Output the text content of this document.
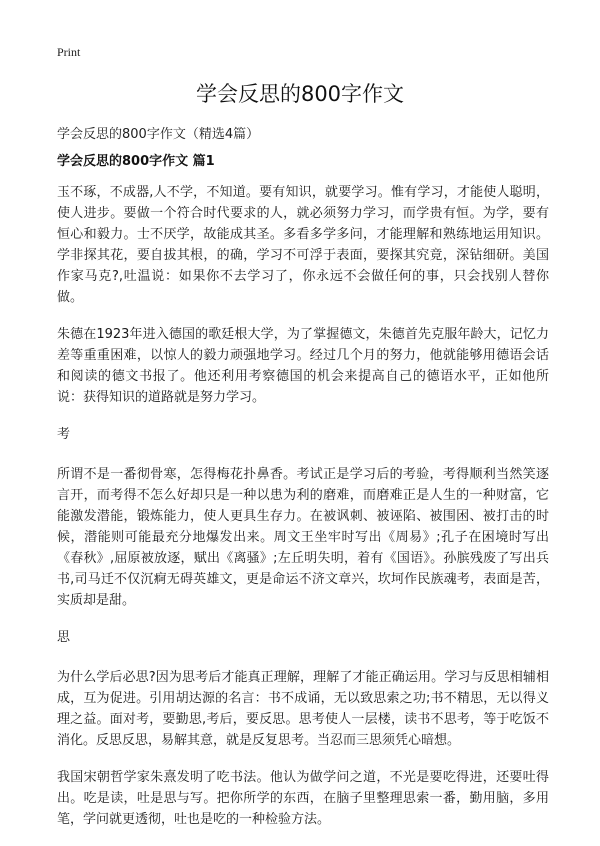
Print
学会反思的800字作文
学会反思的800字作文（精选4篇）
学会反思的800字作文 篇1

玉不琢，不成器,人不学，不知道。要有知识，就要学习。惟有学习，才能使人聪明，使人进步。要做一个符合时代要求的人，就必须努力学习，而学贵有恒。为学，要有恒心和毅力。士不厌学，故能成其圣。多看多学多问，才能理解和熟练地运用知识。学非探其花，要自拔其根，的确，学习不可浮于表面，要探其究竟，深钻细研。美国作家马克?,吐温说：如果你不去学习了，你永远不会做任何的事，只会找别人替你做。

朱德在1923年进入德国的歌廷根大学，为了掌握德文，朱德首先克服年龄大，记忆力差等重重困难，以惊人的毅力顽强地学习。经过几个月的努力，他就能够用德语会话和阅读的德文书报了。他还利用考察德国的机会来提高自己的德语水平，正如他所说：获得知识的道路就是努力学习。

考

所谓不是一番彻骨寒，怎得梅花扑鼻香。考试正是学习后的考验，考得顺利当然笑逐言开，而考得不怎么好却只是一种以患为利的磨难，而磨难正是人生的一种财富，它能激发潜能，锻炼能力，使人更具生存力。在被讽刺、被诬陷、被围困、被打击的时候，潜能则可能最充分地爆发出来。周文王坐牢时写出《周易》;孔子在困境时写出《春秋》,屈原被放逐，赋出《离骚》;左丘明失明，着有《国语》。孙膑残废了写出兵书,司马迁不仅沉痾无碍英雄文，更是命运不济文章兴，坎坷作民族魂考，表面是苦，实质却是甜。

思

为什么学后必思?因为思考后才能真正理解，理解了才能正确运用。学习与反思相辅相成，互为促进。引用胡达源的名言：书不成诵，无以致思索之功;书不精思，无以得义理之益。面对考，要勤思,考后，要反思。思考使人一层楼，读书不思考，等于吃饭不消化。反思反思，易解其意，就是反复思考。当忍而三思须凭心暗想。

我国宋朝哲学家朱熹发明了吃书法。他认为做学问之道，不光是要吃得进，还要吐得出。吃是读，吐是思与写。把你所学的东西，在脑子里整理思索一番，勤用脑，多用笔，学问就更透彻，吐也是吃的一种检验方法。
